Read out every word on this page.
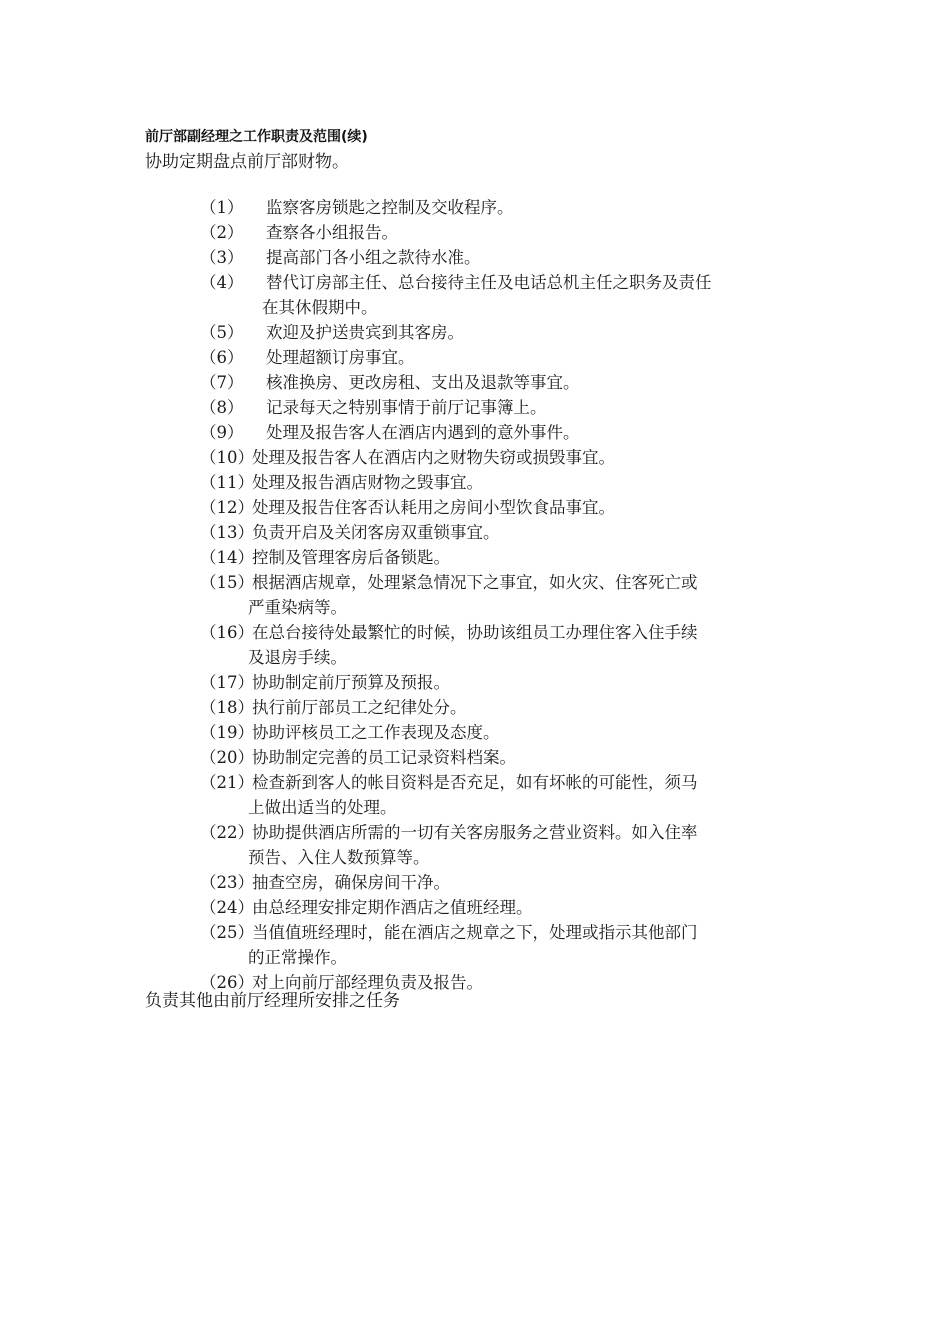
前厅部副经理之工作职责及范围(续)
协助定期盘点前厅部财物。
（1）	监察客房锁匙之控制及交收程序。
（2）	查察各小组报告。
（3）	提高部门各小组之款待水准。
（4）	替代订房部主任、总台接待主任及电话总机主任之职务及责任
在其休假期中。
（5）	欢迎及护送贵宾到其客房。
（6）	处理超额订房事宜。
（7）	核准换房、更改房租、支出及退款等事宜。
（8）	记录每天之特别事情于前厅记事簿上。
（9）	处理及报告客人在酒店内遇到的意外事件。
（10）
处理及报告客人在酒店内之财物失窃或损毁事宜。
（11）
处理及报告酒店财物之毁事宜。
（12）
处理及报告住客否认耗用之房间小型饮食品事宜。
（13）
负责开启及关闭客房双重锁事宜。
（14）
控制及管理客房后备锁匙。
（15）
根据酒店规章，处理紧急情况下之事宜，如火灾、住客死亡或
严重染病等。
（16）
在总台接待处最繁忙的时候，协助该组员工办理住客入住手续
及退房手续。
（17）
协助制定前厅预算及预报。
（18）
执行前厅部员工之纪律处分。
（19）
协助评核员工之工作表现及态度。
（20）
协助制定完善的员工记录资料档案。
（21）
检查新到客人的帐目资料是否充足，如有坏帐的可能性，须马
上做出适当的处理。
（22）
协助提供酒店所需的一切有关客房服务之营业资料。如入住率
预告、入住人数预算等。
（23）
抽查空房，确保房间干净。
（24）
由总经理安排定期作酒店之值班经理。
（25）
当值值班经理时，能在酒店之规章之下，处理或指示其他部门
的正常操作。
（26）
对上向前厅部经理负责及报告。
负责其他由前厅经理所安排之任务
